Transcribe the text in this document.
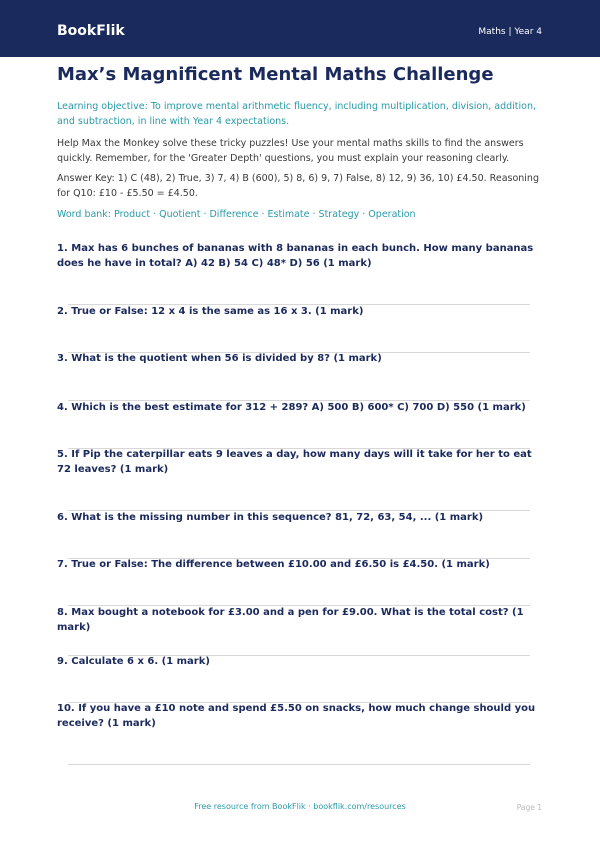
BookFlik	Maths | Year 4
Max’s Magnificent Mental Maths Challenge

Learning objective: To improve mental arithmetic fluency, including multiplication, division, addition, and subtraction, in line with Year 4 expectations.

Help Max the Monkey solve these tricky puzzles! Use your mental maths skills to find the answers quickly. Remember, for the 'Greater Depth' questions, you must explain your reasoning clearly.

Answer Key: 1) C (48), 2) True, 3) 7, 4) B (600), 5) 8, 6) 9, 7) False, 8) 12, 9) 36, 10) £4.50. Reasoning for Q10: £10 - £5.50 = £4.50.

Word bank: Product · Quotient · Difference · Estimate · Strategy · Operation

1. Max has 6 bunches of bananas with 8 bananas in each bunch. How many bananas does he have in total? A) 42 B) 54 C) 48* D) 56 (1 mark)

2. True or False: 12 x 4 is the same as 16 x 3. (1 mark)

3. What is the quotient when 56 is divided by 8? (1 mark)

4. Which is the best estimate for 312 + 289? A) 500 B) 600* C) 700 D) 550 (1 mark)

5. If Pip the caterpillar eats 9 leaves a day, how many days will it take for her to eat 72 leaves? (1 mark)

6. What is the missing number in this sequence? 81, 72, 63, 54, ... (1 mark)

7. True or False: The difference between £10.00 and £6.50 is £4.50. (1 mark)

8. Max bought a notebook for £3.00 and a pen for £9.00. What is the total cost? (1 mark)

9. Calculate 6 x 6. (1 mark)

10. If you have a £10 note and spend £5.50 on snacks, how much change should you receive? (1 mark)

Free resource from BookFlik · bookflik.com/resources	Page 1
